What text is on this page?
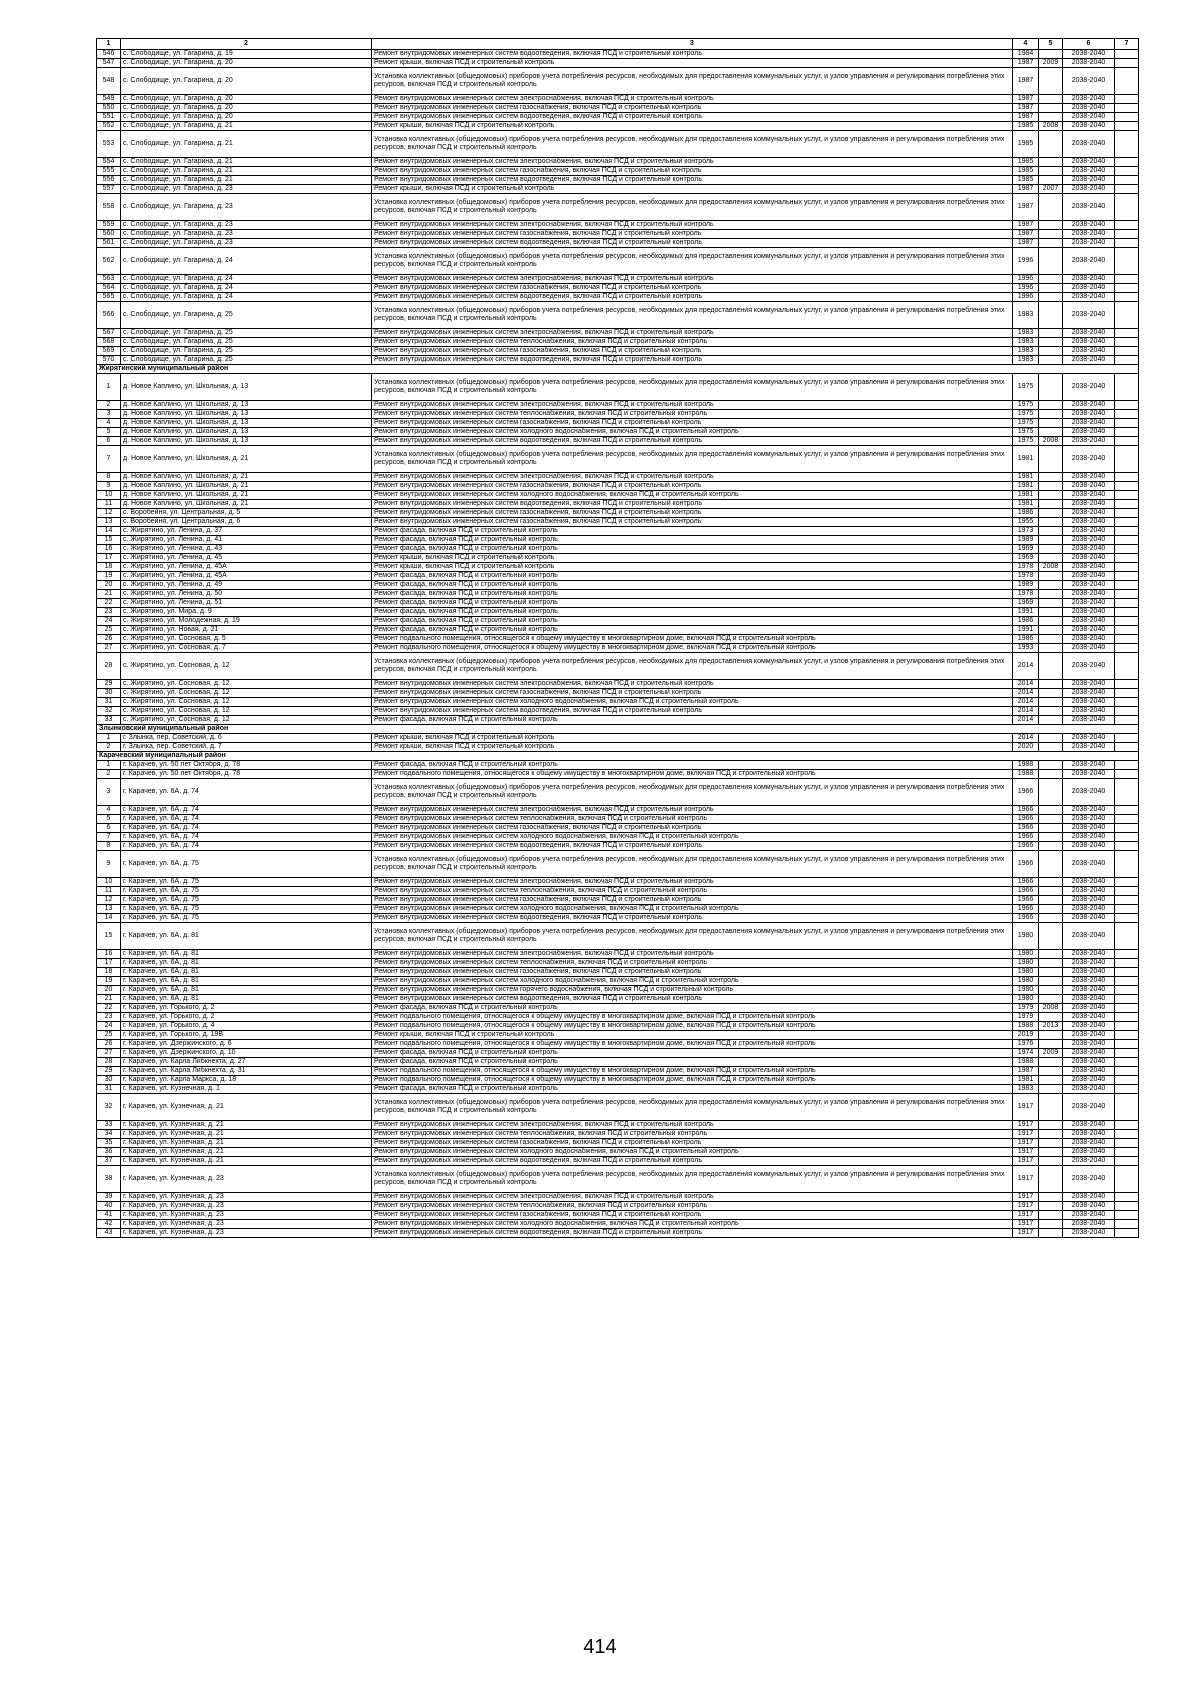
1	2	3	4	5	6	7
546	с. Слободище, ул. Гагарина, д. 19	Ремонт внутридомовых инженерных систем водоотведения, включая ПСД и строительный контроль	1984		2038-2040	
547	с. Слободище, ул. Гагарина, д. 20	Ремонт крыши, включая ПСД и строительный контроль	1987	2009	2038-2040	
548	с. Слободище, ул. Гагарина, д. 20	Установка коллективных (общедомовых) приборов учета потребления ресурсов, необходимых для предоставления коммунальных услуг, и узлов управления и регулирования потребления этих ресурсов, включая ПСД и строительный контроль	1987		2038-2040	
549	с. Слободище, ул. Гагарина, д. 20	Ремонт внутридомовых инженерных систем электроснабжения, включая ПСД и строительный контроль	1987		2038-2040	
550	с. Слободище, ул. Гагарина, д. 20	Ремонт внутридомовых инженерных систем газоснабжения, включая ПСД и строительный контроль	1987		2038-2040	
551	с. Слободище, ул. Гагарина, д. 20	Ремонт внутридомовых инженерных систем водоотведения, включая ПСД и строительный контроль	1987		2038-2040	
552	с. Слободище, ул. Гагарина, д. 21	Ремонт крыши, включая ПСД и строительный контроль	1985	2008	2038-2040	
553	с. Слободище, ул. Гагарина, д. 21	Установка коллективных (общедомовых) приборов учета потребления ресурсов, необходимых для предоставления коммунальных услуг, и узлов управления и регулирования потребления этих ресурсов, включая ПСД и строительный контроль	1985		2038-2040	
554	с. Слободище, ул. Гагарина, д. 21	Ремонт внутридомовых инженерных систем электроснабжения, включая ПСД и строительный контроль	1985		2038-2040	
555	с. Слободище, ул. Гагарина, д. 21	Ремонт внутридомовых инженерных систем газоснабжения, включая ПСД и строительный контроль	1985		2038-2040	
556	с. Слободище, ул. Гагарина, д. 21	Ремонт внутридомовых инженерных систем водоотведения, включая ПСД и строительный контроль	1985		2038-2040	
557	с. Слободище, ул. Гагарина, д. 23	Ремонт крыши, включая ПСД и строительный контроль	1987	2007	2038-2040	
558	с. Слободище, ул. Гагарина, д. 23	Установка коллективных (общедомовых) приборов учета потребления ресурсов, необходимых для предоставления коммунальных услуг, и узлов управления и регулирования потребления этих ресурсов, включая ПСД и строительный контроль	1987		2038-2040	
559	с. Слободище, ул. Гагарина, д. 23	Ремонт внутридомовых инженерных систем электроснабжения, включая ПСД и строительный контроль	1987		2038-2040	
560	с. Слободище, ул. Гагарина, д. 23	Ремонт внутридомовых инженерных систем газоснабжения, включая ПСД и строительный контроль	1987		2038-2040	
561	с. Слободище, ул. Гагарина, д. 23	Ремонт внутридомовых инженерных систем водоотведения, включая ПСД и строительный контроль	1987		2038-2040	
562	с. Слободище, ул. Гагарина, д. 24	Установка коллективных (общедомовых) приборов учета потребления ресурсов, необходимых для предоставления коммунальных услуг, и узлов управления и регулирования потребления этих ресурсов, включая ПСД и строительный контроль	1996		2038-2040	
563	с. Слободище, ул. Гагарина, д. 24	Ремонт внутридомовых инженерных систем электроснабжения, включая ПСД и строительный контроль	1996		2038-2040	
564	с. Слободище, ул. Гагарина, д. 24	Ремонт внутридомовых инженерных систем газоснабжения, включая ПСД и строительный контроль	1996		2038-2040	
565	с. Слободище, ул. Гагарина, д. 24	Ремонт внутридомовых инженерных систем водоотведения, включая ПСД и строительный контроль	1996		2038-2040	
566	с. Слободище, ул. Гагарина, д. 25	Установка коллективных (общедомовых) приборов учета потребления ресурсов, необходимых для предоставления коммунальных услуг, и узлов управления и регулирования потребления этих ресурсов, включая ПСД и строительный контроль	1983		2038-2040	
567	с. Слободище, ул. Гагарина, д. 25	Ремонт внутридомовых инженерных систем электроснабжения, включая ПСД и строительный контроль	1983		2038-2040	
568	с. Слободище, ул. Гагарина, д. 25	Ремонт внутридомовых инженерных систем теплоснабжения, включая ПСД и строительный контроль	1983		2038-2040	
569	с. Слободище, ул. Гагарина, д. 25	Ремонт внутридомовых инженерных систем газоснабжения, включая ПСД и строительный контроль	1983		2038-2040	
570	с. Слободище, ул. Гагарина, д. 25	Ремонт внутридомовых инженерных систем водоотведения, включая ПСД и строительный контроль	1983		2038-2040	
Жирятинский муниципальный район						
1	д. Новое Каплино, ул. Школьная, д. 13	Установка коллективных (общедомовых) приборов учета потребления ресурсов, необходимых для предоставления коммунальных услуг, и узлов управления и регулирования потребления этих ресурсов, включая ПСД и строительный контроль	1975		2038-2040	
2	д. Новое Каплино, ул. Школьная, д. 13	Ремонт внутридомовых инженерных систем электроснабжения, включая ПСД и строительный контроль	1975		2038-2040	
3	д. Новое Каплино, ул. Школьная, д. 13	Ремонт внутридомовых инженерных систем теплоснабжения, включая ПСД и строительный контроль	1975		2038-2040	
4	д. Новое Каплино, ул. Школьная, д. 13	Ремонт внутридомовых инженерных систем газоснабжения, включая ПСД и строительный контроль	1975		2038-2040	
5	д. Новое Каплино, ул. Школьная, д. 13	Ремонт внутридомовых инженерных систем холодного водоснабжения, включая ПСД и строительный контроль	1975		2038-2040	
6	д. Новое Каплино, ул. Школьная, д. 13	Ремонт внутридомовых инженерных систем водоотведения, включая ПСД и строительный контроль	1975	2008	2038-2040	
7	д. Новое Каплино, ул. Школьная, д. 21	Установка коллективных (общедомовых) приборов учета потребления ресурсов, необходимых для предоставления коммунальных услуг, и узлов управления и регулирования потребления этих ресурсов, включая ПСД и строительный контроль	1981		2038-2040	
8	д. Новое Каплино, ул. Школьная, д. 21	Ремонт внутридомовых инженерных систем электроснабжения, включая ПСД и строительный контроль	1981		2038-2040	
9	д. Новое Каплино, ул. Школьная, д. 21	Ремонт внутридомовых инженерных систем газоснабжения, включая ПСД и строительный контроль	1981		2038-2040	
10	д. Новое Каплино, ул. Школьная, д. 21	Ремонт внутридомовых инженерных систем холодного водоснабжения, включая ПСД и строительный контроль	1981		2038-2040	
11	д. Новое Каплино, ул. Школьная, д. 21	Ремонт внутридомовых инженерных систем водоотведения, включая ПСД и строительный контроль	1981		2038-2040	
12	с. Воробейня, ул. Центральная, д. 5	Ремонт внутридомовых инженерных систем газоснабжения, включая ПСД и строительный контроль	1986		2038-2040	
13	с. Воробейня, ул. Центральная, д. 6	Ремонт внутридомовых инженерных систем газоснабжения, включая ПСД и строительный контроль	1955		2038-2040	
14	с. Жирятино, ул. Ленина, д. 37	Ремонт фасада, включая ПСД и строительный контроль	1973		2038-2040	
15	с. Жирятино, ул. Ленина, д. 41	Ремонт фасада, включая ПСД и строительный контроль	1989		2038-2040	
16	с. Жирятино, ул. Ленина, д. 43	Ремонт фасада, включая ПСД и строительный контроль	1969		2038-2040	
17	с. Жирятино, ул. Ленина, д. 45	Ремонт крыши, включая ПСД и строительный контроль	1969		2038-2040	
18	с. Жирятино, ул. Ленина, д. 45А	Ремонт крыши, включая ПСД и строительный контроль	1978	2008	2038-2040	
19	с. Жирятино, ул. Ленина, д. 45А	Ремонт фасада, включая ПСД и строительный контроль	1978		2038-2040	
20	с. Жирятино, ул. Ленина, д. 49	Ремонт фасада, включая ПСД и строительный контроль	1989		2038-2040	
21	с. Жирятино, ул. Ленина, д. 50	Ремонт фасада, включая ПСД и строительный контроль	1978		2038-2040	
22	с. Жирятино, ул. Ленина, д. 51	Ремонт фасада, включая ПСД и строительный контроль	1969		2038-2040	
23	с. Жирятино, ул. Мира, д. 9	Ремонт фасада, включая ПСД и строительный контроль	1991		2038-2040	
24	с. Жирятино, ул. Молодежная, д. 19	Ремонт фасада, включая ПСД и строительный контроль	1986		2038-2040	
25	с. Жирятино, ул. Новая, д. 21	Ремонт фасада, включая ПСД и строительный контроль	1991		2038-2040	
26	с. Жирятино, ул. Сосновая, д. 5	Ремонт подвального помещения, относящегося к общему имуществу в многоквартирном доме, включая ПСД и строительный контроль	1986		2038-2040	
27	с. Жирятино, ул. Сосновая, д. 7	Ремонт подвального помещения, относящегося к общему имуществу в многоквартирном доме, включая ПСД и строительный контроль	1993		2038-2040	
28	с. Жирятино, ул. Сосновая, д. 12	Установка коллективных (общедомовых) приборов учета потребления ресурсов, необходимых для предоставления коммунальных услуг, и узлов управления и регулирования потребления этих ресурсов, включая ПСД и строительный контроль	2014		2038-2040	
29	с. Жирятино, ул. Сосновая, д. 12	Ремонт внутридомовых инженерных систем электроснабжения, включая ПСД и строительный контроль	2014		2038-2040	
30	с. Жирятино, ул. Сосновая, д. 12	Ремонт внутридомовых инженерных систем газоснабжения, включая ПСД и строительный контроль	2014		2038-2040	
31	с. Жирятино, ул. Сосновая, д. 12	Ремонт внутридомовых инженерных систем холодного водоснабжения, включая ПСД и строительный контроль	2014		2038-2040	
32	с. Жирятино, ул. Сосновая, д. 12	Ремонт внутридомовых инженерных систем водоотведения, включая ПСД и строительный контроль	2014		2038-2040	
33	с. Жирятино, ул. Сосновая, д. 12	Ремонт фасада, включая ПСД и строительный контроль	2014		2038-2040	
Злынковский муниципальный район						
1	г. Злынка, пер. Советский, д. 6	Ремонт крыши, включая ПСД и строительный контроль	2014		2038-2040	
2	г. Злынка, пер. Советский, д. 7	Ремонт крыши, включая ПСД и строительный контроль	2020		2038-2040	
Карачевский муниципальный район						
1	г. Карачев, ул. 50 лет Октября, д. 78	Ремонт фасада, включая ПСД и строительный контроль	1988		2038-2040	
2	г. Карачев, ул. 50 лет Октября, д. 78	Ремонт подвального помещения, относящегося к общему имуществу в многоквартирном доме, включая ПСД и строительный контроль	1988		2038-2040	
3	г. Карачев, ул. 6А, д. 74	Установка коллективных (общедомовых) приборов учета потребления ресурсов, необходимых для предоставления коммунальных услуг, и узлов управления и регулирования потребления этих ресурсов, включая ПСД и строительный контроль	1966		2038-2040	
4	г. Карачев, ул. 6А, д. 74	Ремонт внутридомовых инженерных систем электроснабжения, включая ПСД и строительный контроль	1966		2038-2040	
5	г. Карачев, ул. 6А, д. 74	Ремонт внутридомовых инженерных систем теплоснабжения, включая ПСД и строительный контроль	1966		2038-2040	
6	г. Карачев, ул. 6А, д. 74	Ремонт внутридомовых инженерных систем газоснабжения, включая ПСД и строительный контроль	1966		2038-2040	
7	г. Карачев, ул. 6А, д. 74	Ремонт внутридомовых инженерных систем холодного водоснабжения, включая ПСД и строительный контроль	1966		2038-2040	
8	г. Карачев, ул. 6А, д. 74	Ремонт внутридомовых инженерных систем водоотведения, включая ПСД и строительный контроль	1966		2038-2040	
9	г. Карачев, ул. 6А, д. 75	Установка коллективных (общедомовых) приборов учета потребления ресурсов, необходимых для предоставления коммунальных услуг, и узлов управления и регулирования потребления этих ресурсов, включая ПСД и строительный контроль	1966		2038-2040	
10	г. Карачев, ул. 6А, д. 75	Ремонт внутридомовых инженерных систем электроснабжения, включая ПСД и строительный контроль	1966		2038-2040	
11	г. Карачев, ул. 6А, д. 75	Ремонт внутридомовых инженерных систем теплоснабжения, включая ПСД и строительный контроль	1966		2038-2040	
12	г. Карачев, ул. 6А, д. 75	Ремонт внутридомовых инженерных систем газоснабжения, включая ПСД и строительный контроль	1966		2038-2040	
13	г. Карачев, ул. 6А, д. 75	Ремонт внутридомовых инженерных систем холодного водоснабжения, включая ПСД и строительный контроль	1966		2038-2040	
14	г. Карачев, ул. 6А, д. 75	Ремонт внутридомовых инженерных систем водоотведения, включая ПСД и строительный контроль	1966		2038-2040	
15	г. Карачев, ул. 6А, д. 81	Установка коллективных (общедомовых) приборов учета потребления ресурсов, необходимых для предоставления коммунальных услуг, и узлов управления и регулирования потребления этих ресурсов, включая ПСД и строительный контроль	1980		2038-2040	
16	г. Карачев, ул. 6А, д. 81	Ремонт внутридомовых инженерных систем электроснабжения, включая ПСД и строительный контроль	1980		2038-2040	
17	г. Карачев, ул. 6А, д. 81	Ремонт внутридомовых инженерных систем теплоснабжения, включая ПСД и строительный контроль	1980		2038-2040	
18	г. Карачев, ул. 6А, д. 81	Ремонт внутридомовых инженерных систем газоснабжения, включая ПСД и строительный контроль	1980		2038-2040	
19	г. Карачев, ул. 6А, д. 81	Ремонт внутридомовых инженерных систем холодного водоснабжения, включая ПСД и строительный контроль	1980		2038-2040	
20	г. Карачев, ул. 6А, д. 81	Ремонт внутридомовых инженерных систем горячего водоснабжения, включая ПСД и строительный контроль	1980		2038-2040	
21	г. Карачев, ул. 6А, д. 81	Ремонт внутридомовых инженерных систем водоотведения, включая ПСД и строительный контроль	1980		2038-2040	
22	г. Карачев, ул. Горького, д. 2	Ремонт фасада, включая ПСД и строительный контроль	1979	2008	2038-2040	
23	г. Карачев, ул. Горького, д. 2	Ремонт подвального помещения, относящегося к общему имуществу в многоквартирном доме, включая ПСД и строительный контроль	1979		2038-2040	
24	г. Карачев, ул. Горького, д. 4	Ремонт подвального помещения, относящегося к общему имуществу в многоквартирном доме, включая ПСД и строительный контроль	1988	2013	2038-2040	
25	г. Карачев, ул. Горького, д. 19В	Ремонт крыши, включая ПСД и строительный контроль	2019		2038-2040	
26	г. Карачев, ул. Дзержинского, д. 6	Ремонт подвального помещения, относящегося к общему имуществу в многоквартирном доме, включая ПСД и строительный контроль	1976		2038-2040	
27	г. Карачев, ул. Дзержинского, д. 10	Ремонт фасада, включая ПСД и строительный контроль	1974	2009	2038-2040	
28	г. Карачев, ул. Карла Либкнехта, д. 27	Ремонт фасада, включая ПСД и строительный контроль	1988		2038-2040	
29	г. Карачев, ул. Карла Либкнехта, д. 31	Ремонт подвального помещения, относящегося к общему имуществу в многоквартирном доме, включая ПСД и строительный контроль	1987		2038-2040	
30	г. Карачев, ул. Карла Маркса, д. 18	Ремонт подвального помещения, относящегося к общему имуществу в многоквартирном доме, включая ПСД и строительный контроль	1981		2038-2040	
31	г. Карачев, ул. Кузнечная, д. 1	Ремонт фасада, включая ПСД и строительный контроль	1983		2038-2040	
32	г. Карачев, ул. Кузнечная, д. 21	Установка коллективных (общедомовых) приборов учета потребления ресурсов, необходимых для предоставления коммунальных услуг, и узлов управления и регулирования потребления этих ресурсов, включая ПСД и строительный контроль	1917		2038-2040	
33	г. Карачев, ул. Кузнечная, д. 21	Ремонт внутридомовых инженерных систем электроснабжения, включая ПСД и строительный контроль	1917		2038-2040	
34	г. Карачев, ул. Кузнечная, д. 21	Ремонт внутридомовых инженерных систем теплоснабжения, включая ПСД и строительный контроль	1917		2038-2040	
35	г. Карачев, ул. Кузнечная, д. 21	Ремонт внутридомовых инженерных систем газоснабжения, включая ПСД и строительный контроль	1917		2038-2040	
36	г. Карачев, ул. Кузнечная, д. 21	Ремонт внутридомовых инженерных систем холодного водоснабжения, включая ПСД и строительный контроль	1917		2038-2040	
37	г. Карачев, ул. Кузнечная, д. 21	Ремонт внутридомовых инженерных систем водоотведения, включая ПСД и строительный контроль	1917		2038-2040	
38	г. Карачев, ул. Кузнечная, д. 23	Установка коллективных (общедомовых) приборов учета потребления ресурсов, необходимых для предоставления коммунальных услуг, и узлов управления и регулирования потребления этих ресурсов, включая ПСД и строительный контроль	1917		2038-2040	
39	г. Карачев, ул. Кузнечная, д. 23	Ремонт внутридомовых инженерных систем электроснабжения, включая ПСД и строительный контроль	1917		2038-2040	
40	г. Карачев, ул. Кузнечная, д. 23	Ремонт внутридомовых инженерных систем теплоснабжения, включая ПСД и строительный контроль	1917		2038-2040	
41	г. Карачев, ул. Кузнечная, д. 23	Ремонт внутридомовых инженерных систем газоснабжения, включая ПСД и строительный контроль	1917		2038-2040	
42	г. Карачев, ул. Кузнечная, д. 23	Ремонт внутридомовых инженерных систем холодного водоснабжения, включая ПСД и строительный контроль	1917		2038-2040	
43	г. Карачев, ул. Кузнечная, д. 23	Ремонт внутридомовых инженерных систем водоотведения, включая ПСД и строительный контроль	1917		2038-2040	
414
